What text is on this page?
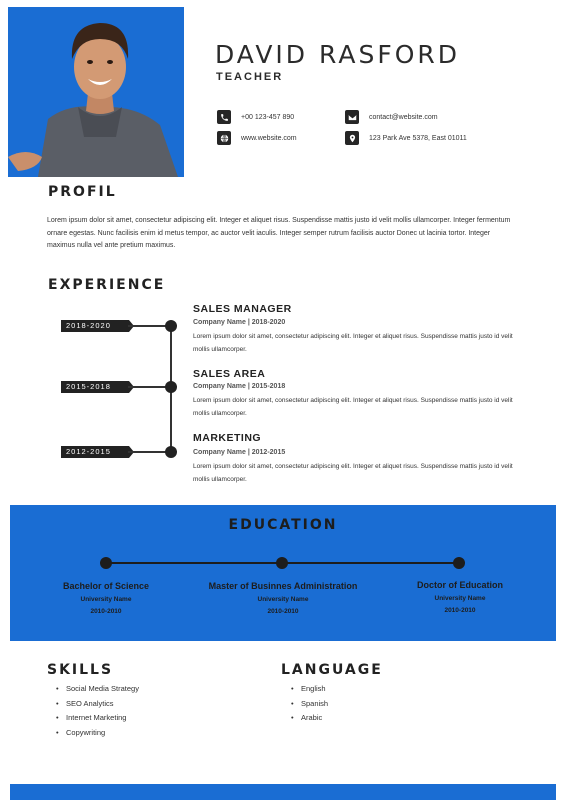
DAVID RASFORD
TEACHER
+00 123-457 890	contact@website.com
www.website.com	123 Park Ave 5378, East 01011
PROFIL

Lorem ipsum dolor sit amet, consectetur adipiscing elit. Integer et aliquet risus. Suspendisse mattis justo id velit mollis ullamcorper. Integer fermentum ornare egestas. Nunc facilisis enim id metus tempor, ac auctor velit iaculis. Integer semper rutrum facilisis auctor Donec ut lacinia tortor. Integer maximus nulla vel ante pretium maximus.

EXPERIENCE
2018-2020
SALES MANAGER
Company Name | 2018-2020
Lorem ipsum dolor sit amet, consectetur adipiscing elit. Integer et aliquet risus. Suspendisse mattis justo id velit mollis ullamcorper.
2015-2018
SALES AREA
Company Name | 2015-2018
Lorem ipsum dolor sit amet, consectetur adipiscing elit. Integer et aliquet risus. Suspendisse mattis justo id velit mollis ullamcorper.
2012-2015
MARKETING
Company Name | 2012-2015
Lorem ipsum dolor sit amet, consectetur adipiscing elit. Integer et aliquet risus. Suspendisse mattis justo id velit mollis ullamcorper.
EDUCATION
Bachelor of Science
University Name
2010-2010
Master of Businnes Administration
University Name
2010-2010
Doctor of Education
University Name
2010-2010
SKILLS
• Social Media Strategy
• SEO Analytics
• Internet Marketing
• Copywriting
LANGUAGE
• English
• Spanish
• Arabic
